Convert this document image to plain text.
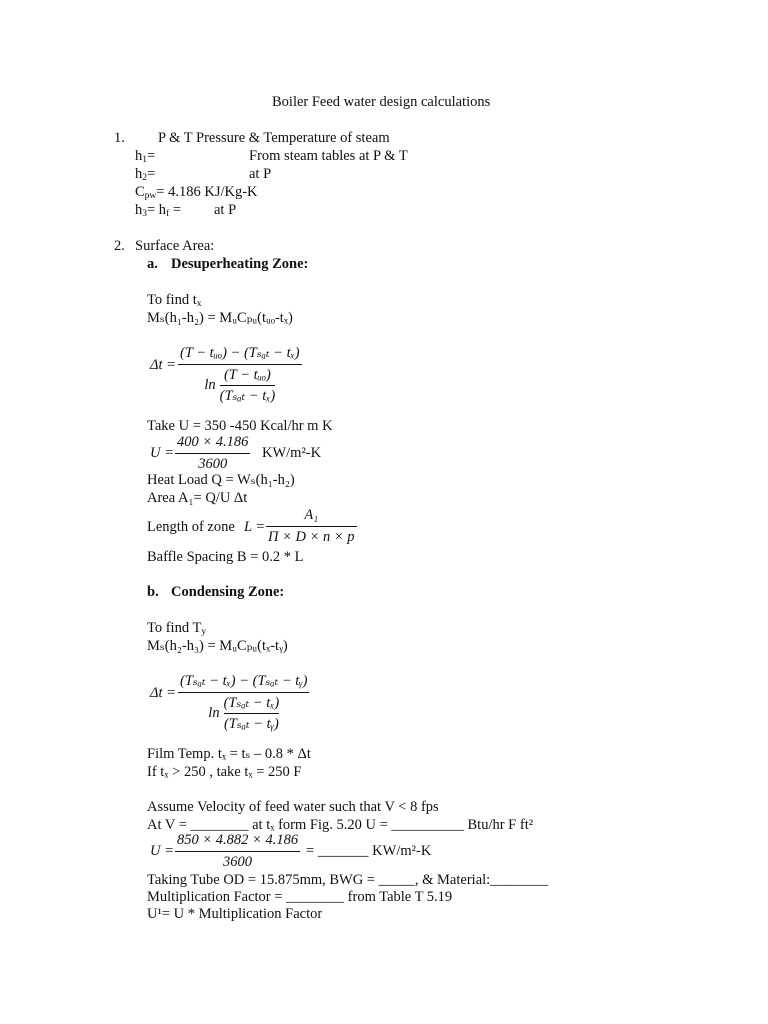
Boiler Feed water design calculations
1. P & T Pressure & Temperature of steam
$h_1=$	From steam tables at P & T
$h_2=$	at P
$C_{pw}= 4.186$ KJ/Kg-K
$h_3= h_f$ = at P
2. Surface Area:
a. Desuperheating Zone:
To find $t_x$
Mₛ(h₁-h₂) = MᵤCₚᵤ(tᵤₒ-tₓ)
Δt =
(T − tᵤₒ) − (Tₛₐₜ − tₓ)
ln
(T − tᵤₒ)
(Tₛₐₜ − tₓ)
Take U = 350 -450 Kcal/hr m K
U =
400 × 4.186
3600
KW/m²-K
Heat Load Q = Wₛ(h₁-h₂)
Area A₁= Q/U Δt
Length of zone L =
A₁
Π × D × n × p
Baffle Spacing B = 0.2 * L
b. Condensing Zone:
To find $T_y$
Mₛ(h₂-h₃) = MᵤCₚᵤ(tₓ-tᵧ)
Δt =
(Tₛₐₜ − tₓ) − (Tₛₐₜ − tᵧ)
ln
(Tₛₐₜ − tₓ)
(Tₛₐₜ − tᵧ)
Film Temp. tₓ = tₛ – 0.8 * Δt
If tₓ > 250 , take tₓ = 250 F
Assume Velocity of feed water such that V < 8 fps
At V = ________ at tₓ form Fig. 5.20 U = __________ Btu/hr F ft²
U =
850 × 4.882 × 4.186
3600
= _______ KW/m²-K
Taking Tube OD = 15.875mm, BWG = _____, & Material:________
Multiplication Factor = ________ from Table T 5.19
U¹= U * Multiplication Factor
